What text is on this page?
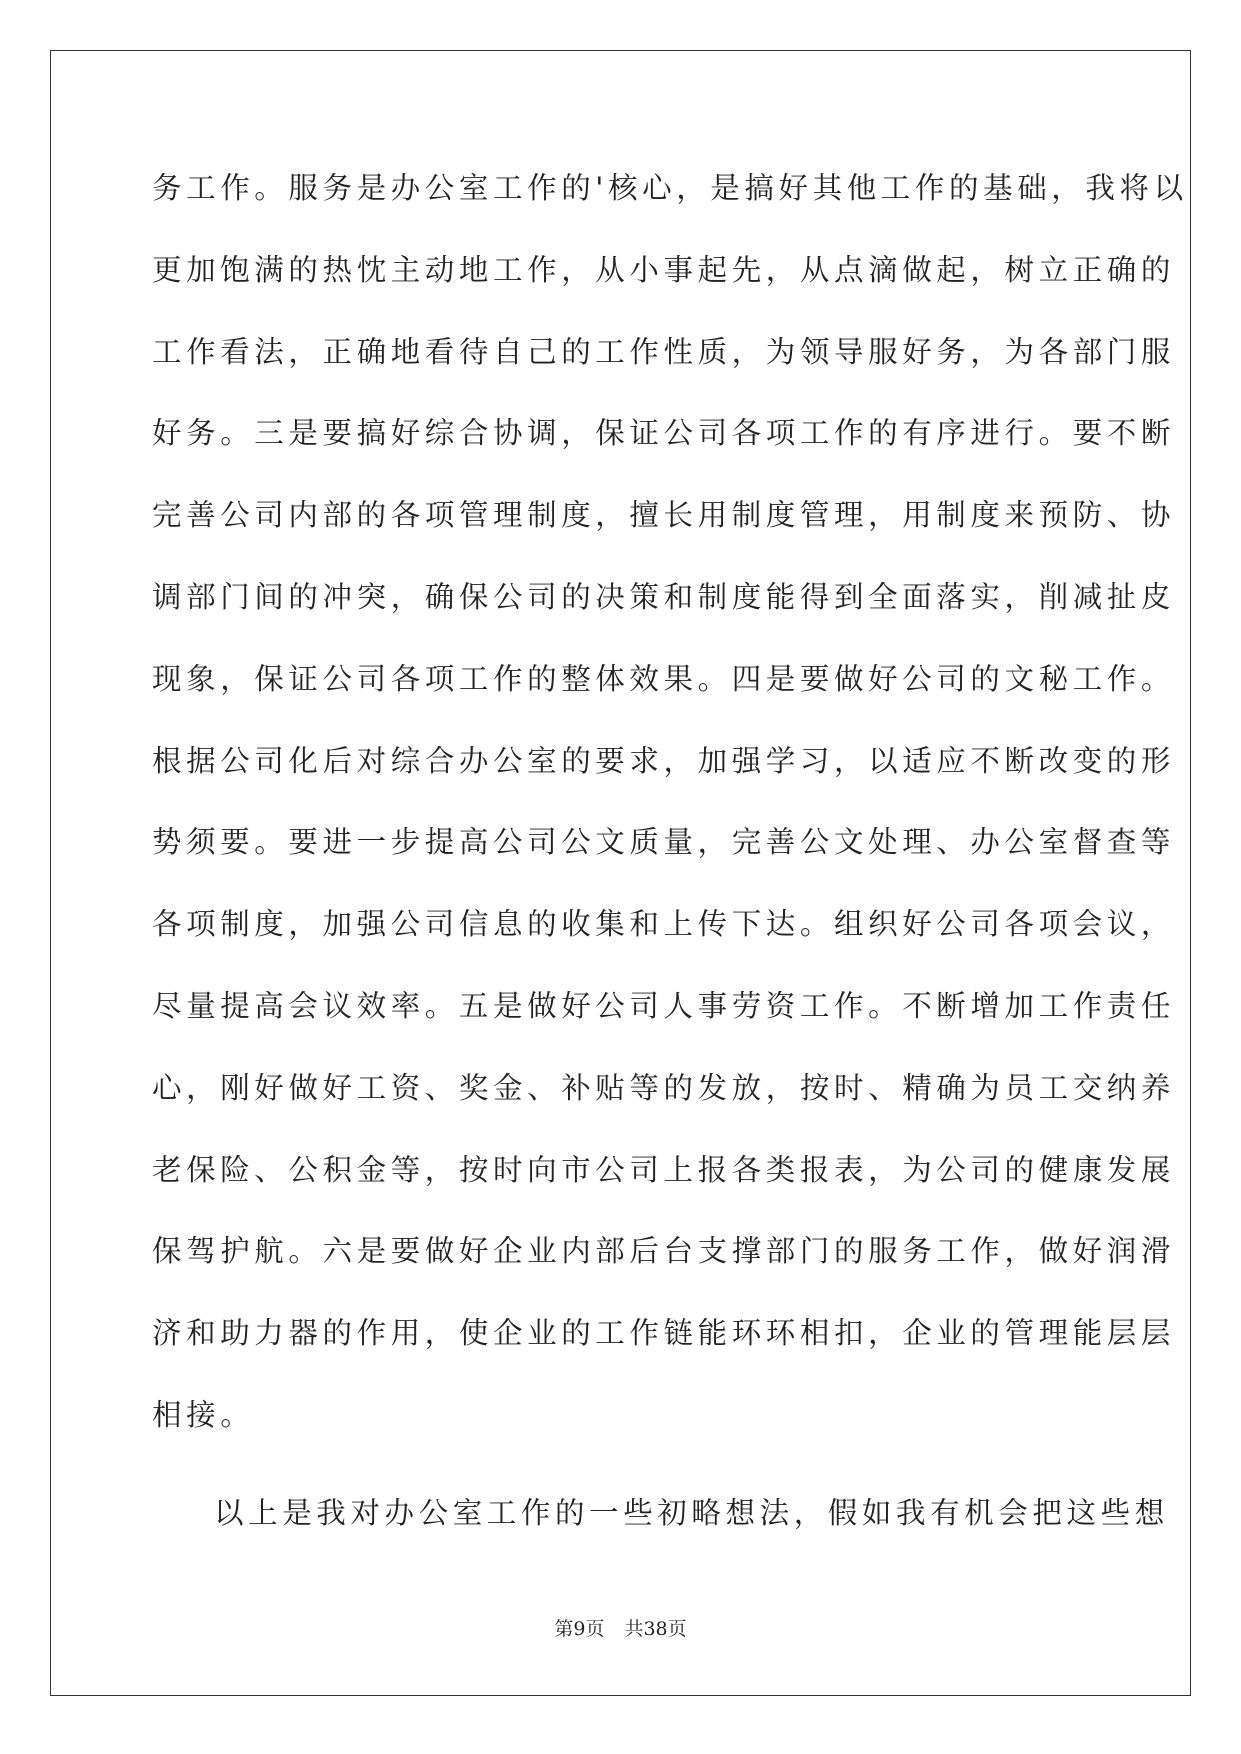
务工作。服务是办公室工作的'核心，是搞好其他工作的基础，我将以
更加饱满的热忱主动地工作，从小事起先，从点滴做起，树立正确的
工作看法，正确地看待自己的工作性质，为领导服好务，为各部门服
好务。三是要搞好综合协调，保证公司各项工作的有序进行。要不断
完善公司内部的各项管理制度，擅长用制度管理，用制度来预防、协
调部门间的冲突，确保公司的决策和制度能得到全面落实，削减扯皮
现象，保证公司各项工作的整体效果。四是要做好公司的文秘工作。
根据公司化后对综合办公室的要求，加强学习，以适应不断改变的形
势须要。要进一步提高公司公文质量，完善公文处理、办公室督查等
各项制度，加强公司信息的收集和上传下达。组织好公司各项会议，
尽量提高会议效率。五是做好公司人事劳资工作。不断增加工作责任
心，刚好做好工资、奖金、补贴等的发放，按时、精确为员工交纳养
老保险、公积金等，按时向市公司上报各类报表，为公司的健康发展
保驾护航。六是要做好企业内部后台支撑部门的服务工作，做好润滑
济和助力器的作用，使企业的工作链能环环相扣，企业的管理能层层
相接。
以上是我对办公室工作的一些初略想法，假如我有机会把这些想
第9页 共38页
